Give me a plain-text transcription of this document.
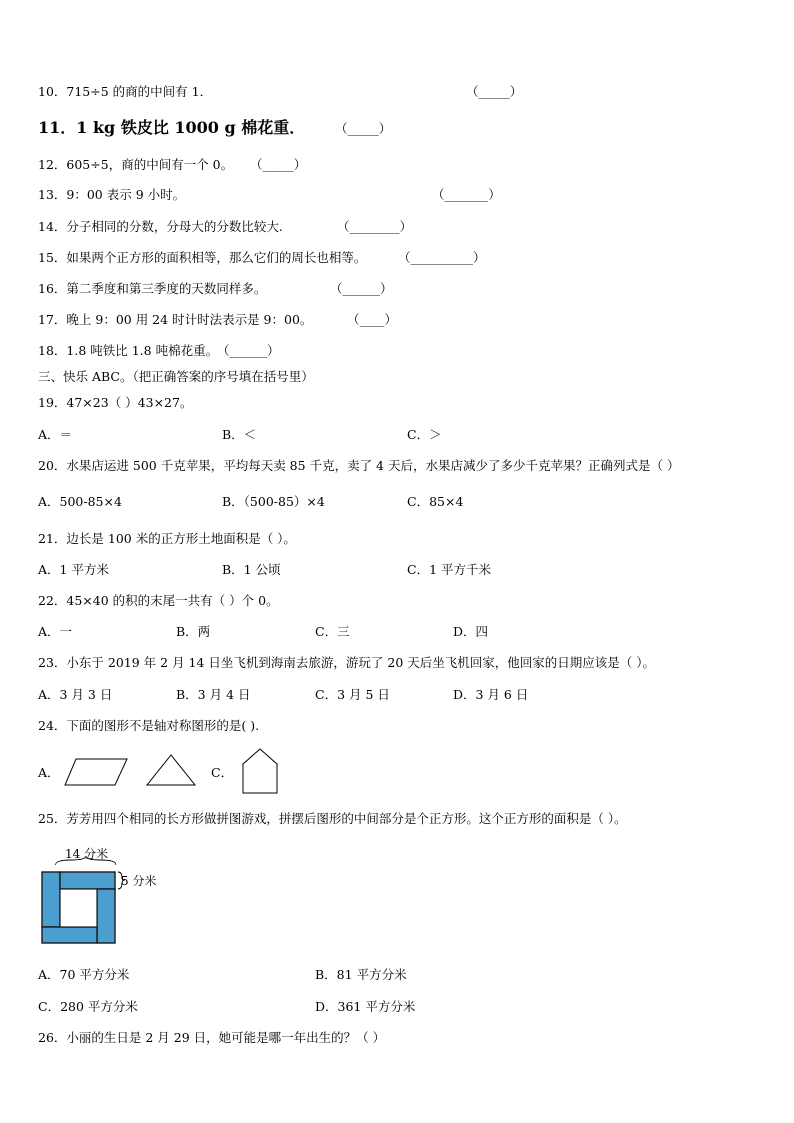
10．715÷5 的商的中间有 1．	（_____）
11．1 kg 铁皮比 1000 g 棉花重． （_____）
12．605÷5，商的中间有一个 0。 （_____）
13．9：00 表示 9 小时。	（_______）
14．分子相同的分数，分母大的分数比较大.	（________）
15．如果两个正方形的面积相等，那么它们的周长也相等。	（__________）
16．第二季度和第三季度的天数同样多。	（______）
17．晚上 9：00 用 24 时计时法表示是 9：00。	（____）
18．1.8 吨铁比 1.8 吨棉花重。
（______）
三、快乐 ABC。（把正确答案的序号填在括号里）
19．47×23（ ）43×27。
A．＝	B．＜	C．＞
20．水果店运进 500 千克苹果，平均每天卖 85 千克，卖了 4 天后，水果店减少了多少千克苹果？正确列式是（ ）
A．500-85×4	B．（500-85）×4	C．85×4
21．边长是 100 米的正方形土地面积是（ ）。
A．1 平方米	B．1 公顷	C．1 平方千米
22．45×40 的积的末尾一共有（ ）个 0。
A．一	B．两	C．三	D．四
23．小东于 2019 年 2 月 14 日坐飞机到海南去旅游，游玩了 20 天后坐飞机回家，他回家的日期应该是（ ）。
A．3 月 3 日	B．3 月 4 日	C．3 月 5 日	D．3 月 6 日
24．下面的图形不是轴对称图形的是( ).
A．	C．
25．芳芳用四个相同的长方形做拼图游戏，拼摆后图形的中间部分是个正方形。这个正方形的面积是（ ）。
14 分米
5 分米
A．70 平方分米	B．81 平方分米
C．280 平方分米	D．361 平方分米
26．小丽的生日是 2 月 29 日，她可能是哪一年出生的？（ ）
